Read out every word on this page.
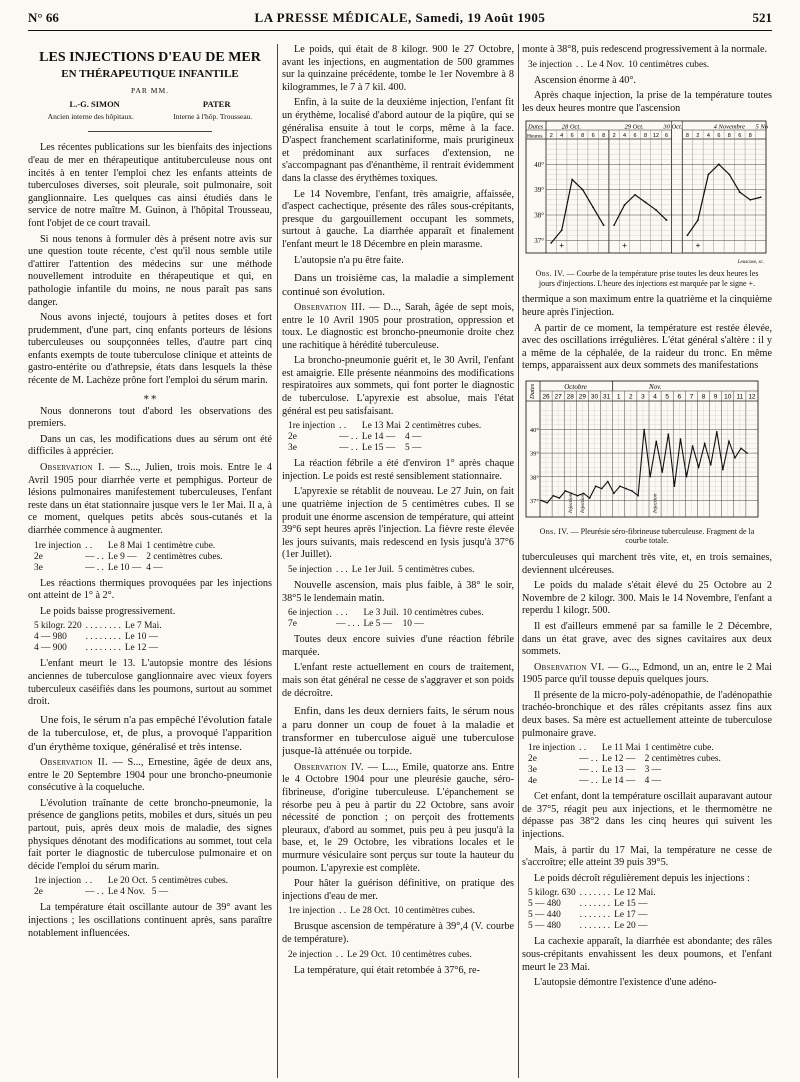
N° 66	LA PRESSE MÉDICALE, Samedi, 19 Août 1905	521
LES INJECTIONS D'EAU DE MER
EN THÉRAPEUTIQUE INFANTILE
PAR MM.
L.-G. SIMON	PATER
Ancien interne des hôpitaux.	Interne à l'hôp. Trousseau.

Les récentes publications sur les bienfaits des injections d'eau de mer en thérapeutique antituberculeuse nous ont incités à en tenter l'emploi chez les enfants atteints de tuberculoses diverses, soit pleurale, soit pulmonaire, soit ganglionnaire. Les quelques cas ainsi étudiés dans le service de notre maître M. Guinon, à l'hôpital Trousseau, font l'objet de ce court travail.

Si nous tenons à formuler dès à présent notre avis sur une question toute récente, c'est qu'il nous semble utile d'attirer l'attention des médecins sur une méthode nouvellement introduite en thérapeutique et qui, en pathologie infantile du moins, ne nous paraît pas sans danger.

Nous avons injecté, toujours à petites doses et fort prudemment, d'une part, cinq enfants porteurs de lésions tuberculeuses ou soupçonnées telles, d'autre part cinq enfants exempts de toute tuberculose clinique et atteints de gastro-entérite ou d'athrepsie, états dans lesquels la thèse récente de M. Lachèze prône fort l'emploi du sérum marin.

⁎ ⁎

Nous donnerons tout d'abord les observations des premiers.

Dans un cas, les modifications dues au sérum ont été difficiles à apprécier.

Observation I. — S..., Julien, trois mois. Entre le 4 Avril 1905 pour diarrhée verte et pemphigus. Porteur de lésions pulmonaires manifestement tuberculeuses, l'enfant reste dans un état stationnaire jusque vers le 1er Mai. Il a, à ce moment, quelques petits abcès sous-cutanés et la diarrhée commence à augmenter.

1re injection	. .	Le 8 Mai	1 centimètre cube.
2e	— . .	Le 9 —	2 centimètres cubes.
3e	— . .	Le 10 —	4 —

Les réactions thermiques provoquées par les injections ont atteint de 1° à 2°.

Le poids baisse progressivement.

5 kilogr. 220	. . . . . . . .	Le 7 Mai.
4 — 980	. . . . . . . .	Le 10 —
4 — 900	. . . . . . . .	Le 12 —

L'enfant meurt le 13. L'autopsie montre des lésions anciennes de tuberculose ganglionnaire avec vieux foyers tuberculeux caséifiés dans les poumons, surtout au sommet droit.

Une fois, le sérum n'a pas empêché l'évolution fatale de la tuberculose, et, de plus, a provoqué l'apparition d'un érythème toxique, généralisé et très intense.

Observation II. — S..., Ernestine, âgée de deux ans, entre le 20 Septembre 1904 pour une broncho-pneumonie consécutive à la coqueluche.

L'évolution traînante de cette broncho-pneumonie, la présence de ganglions petits, mobiles et durs, situés un peu partout, puis, après deux mois de maladie, des signes physiques dénotant des modifications au sommet, tout cela fait porter le diagnostic de tuberculose pulmonaire et on décide l'emploi du sérum marin.

1re injection	. .	Le 20 Oct.	5 centimètres cubes.
2e	— . .	Le 4 Nov.	5 —

La température était oscillante autour de 39° avant les injections ; les oscillations continuent après, sans paraître notablement influencées.

Le poids, qui était de 8 kilogr. 900 le 27 Octobre, avant les injections, en augmentation de 500 grammes sur la quinzaine précédente, tombe le 1er Novembre à 8 kilogrammes, le 7 à 7 kil. 400.

Enfin, à la suite de la deuxième injection, l'enfant fit un érythème, localisé d'abord autour de la piqûre, qui se généralisa ensuite à tout le corps, même à la face. D'aspect franchement scarlatiniforme, mais prurigineux et prédominant aux surfaces d'extension, ne s'accompagnant pas d'énanthème, il rentrait évidemment dans la classe des érythèmes toxiques.

Le 14 Novembre, l'enfant, très amaigrie, affaissée, d'aspect cachectique, présente des râles sous-crépitants, presque du gargouillement occupant les sommets, surtout à gauche. La diarrhée apparaît et finalement l'enfant meurt le 18 Décembre en plein marasme.

L'autopsie n'a pu être faite.

Dans un troisième cas, la maladie a simplement continué son évolution.

Observation III. — D..., Sarah, âgée de sept mois, entre le 10 Avril 1905 pour prostration, oppression et toux. Le diagnostic est broncho-pneumonie droite chez une rachitique à hérédité tuberculeuse.

La broncho-pneumonie guérit et, le 30 Avril, l'enfant est amaigrie. Elle présente néanmoins des modifications respiratoires aux sommets, qui font porter le diagnostic de tuberculose. L'apyrexie est absolue, mais l'état général est peu satisfaisant.

1re injection	. .	Le 13 Mai	2 centimètres cubes.
2e	— . .	Le 14 —	4 —
3e	— . .	Le 15 —	5 —

La réaction fébrile a été d'environ 1° après chaque injection. Le poids est resté sensiblement stationnaire.

L'apyrexie se rétablit de nouveau. Le 27 Juin, on fait une quatrième injection de 5 centimètres cubes. Il se produit une énorme ascension de température, qui atteint 39°6 sept heures après l'injection. La fièvre reste élevée les jours suivants, mais redescend en lysis jusqu'à 37°6 (1er Juillet).

5e injection	. . .	Le 1er Juil.	5 centimètres cubes.

Nouvelle ascension, mais plus faible, à 38° le soir, 38°5 le lendemain matin.

6e injection	. . .	Le 3 Juil.	10 centimètres cubes.
7e	— . . .	Le 5 —	10 —

Toutes deux encore suivies d'une réaction fébrile marquée.

L'enfant reste actuellement en cours de traitement, mais son état général ne cesse de s'aggraver et son poids de décroître.

Enfin, dans les deux derniers faits, le sérum nous a paru donner un coup de fouet à la maladie et transformer en tuberculose aiguë une tuberculose jusque-là atténuée ou torpide.

Observation IV. — L..., Emile, quatorze ans. Entre le 4 Octobre 1904 pour une pleurésie gauche, séro-fibrineuse, d'origine tuberculeuse. L'épanchement se résorbe peu à peu à partir du 22 Octobre, sans avoir nécessité de ponction ; on perçoit des frottements pleuraux, d'abord au sommet, puis peu à peu jusqu'à la base, et, le 29 Octobre, les vibrations locales et le murmure vésiculaire sont perçus sur toute la hauteur du poumon. L'apyrexie est complète.

Pour hâter la guérison définitive, on pratique des injections d'eau de mer.

1re injection	. .	Le 28 Oct.	10 centimètres cubes.

Brusque ascension de température à 39°,4 (V. courbe de température).

2e injection	. .	Le 29 Oct.	10 centimètres cubes.

La température, qui était retombée à 37°6, re-

monte à 38°8, puis redescend progressivement à la normale.

3e injection	. .	Le 4 Nov.	10 centimètres cubes.

Ascension énorme à 40°.

Après chaque injection, la prise de la température toutes les deux heures montre que l'ascension

Dates
Heures
28 Oct.	29 Oct.	30 Oct.	4 Novembre 5 No
2 4 6 8 6 8 2 4 6 8 12 6	8 2 4 6 8 6 8
40°
39°
38°
37°
+	+	+
Leuscuse, sc.
Obs. IV. — Courbe de la température prise toutes les deux heures les jours d'injections. L'heure des injections est marquée par le signe +.

thermique a son maximum entre la quatrième et la cinquième heure après l'injection.

A partir de ce moment, la température est restée élevée, avec des oscillations irrégulières. L'état général s'altère : il y a même de la céphalée, de la raideur du tronc. En même temps, apparaissent aux deux sommets des manifestations

Dates	Octobre	Nov.
26 27 28 29 30 31 1 2 3 4 5 6 7 8 9 10 11 12
40°
39°
38°
37°	Injection Injection	Injection
Obs. IV. — Pleurésie séro-fibrineuse tuberculeuse. Fragment de la courbe totale.

tuberculeuses qui marchent très vite, et, en trois semaines, deviennent ulcéreuses.

Le poids du malade s'était élevé du 25 Octobre au 2 Novembre de 2 kilogr. 300. Mais le 14 Novembre, l'enfant a reperdu 1 kilogr. 500.

Il est d'ailleurs emmené par sa famille le 2 Décembre, dans un état grave, avec des signes cavitaires aux deux sommets.

Observation VI. — G..., Edmond, un an, entre le 2 Mai 1905 parce qu'il tousse depuis quelques jours.

Il présente de la micro-poly-adénopathie, de l'adénopathie trachéo-bronchique et des râles crépitants assez fins aux deux bases. Sa mère est actuellement atteinte de tuberculose pulmonaire grave.

1re injection	. .	Le 11 Mai	1 centimètre cube.
2e	— . .	Le 12 —	2 centimètres cubes.
3e	— . .	Le 13 —	3 —
4e	— . .	Le 14 —	4 —

Cet enfant, dont la température oscillait auparavant autour de 37°5, réagit peu aux injections, et le thermomètre ne dépasse pas 38°2 dans les cinq heures qui suivent les injections.

Mais, à partir du 17 Mai, la température ne cesse de s'accroître; elle atteint 39 puis 39°5.

Le poids décroît régulièrement depuis les injections :

5 kilogr. 630	. . . . . . .	Le 12 Mai.
5 — 480	. . . . . . .	Le 15 —
5 — 440	. . . . . . .	Le 17 —
5 — 480	. . . . . . .	Le 20 —

La cachexie apparaît, la diarrhée est abondante; des râles sous-crépitants envahissent les deux poumons, et l'enfant meurt le 23 Mai.

L'autopsie démontre l'existence d'une adéno-
